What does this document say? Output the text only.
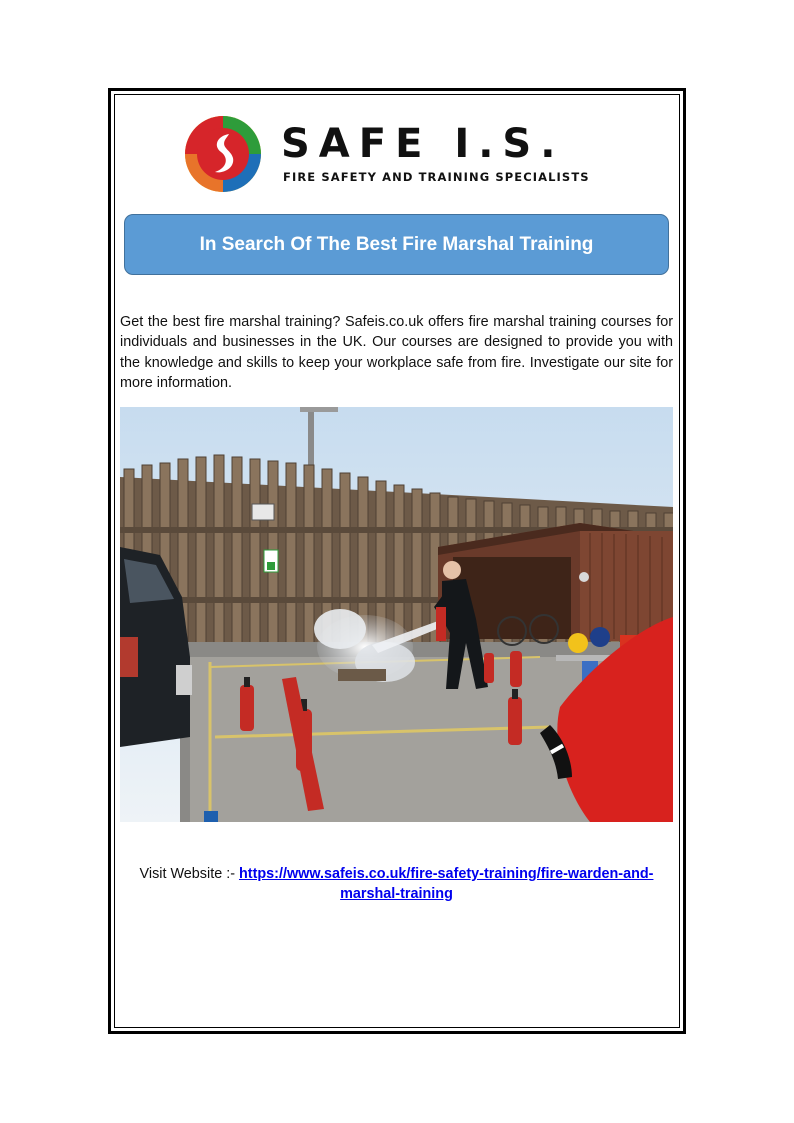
SAFE I.S.
FIRE SAFETY AND TRAINING SPECIALISTS
In Search Of The Best Fire Marshal Training

Get the best fire marshal training? Safeis.co.uk offers fire marshal training courses for individuals and businesses in the UK. Our courses are designed to provide you with the knowledge and skills to keep your workplace safe from fire. Investigate our site for more information.

Visit Website :- https://www.safeis.co.uk/fire-safety-training/fire-warden-and-marshal-training
